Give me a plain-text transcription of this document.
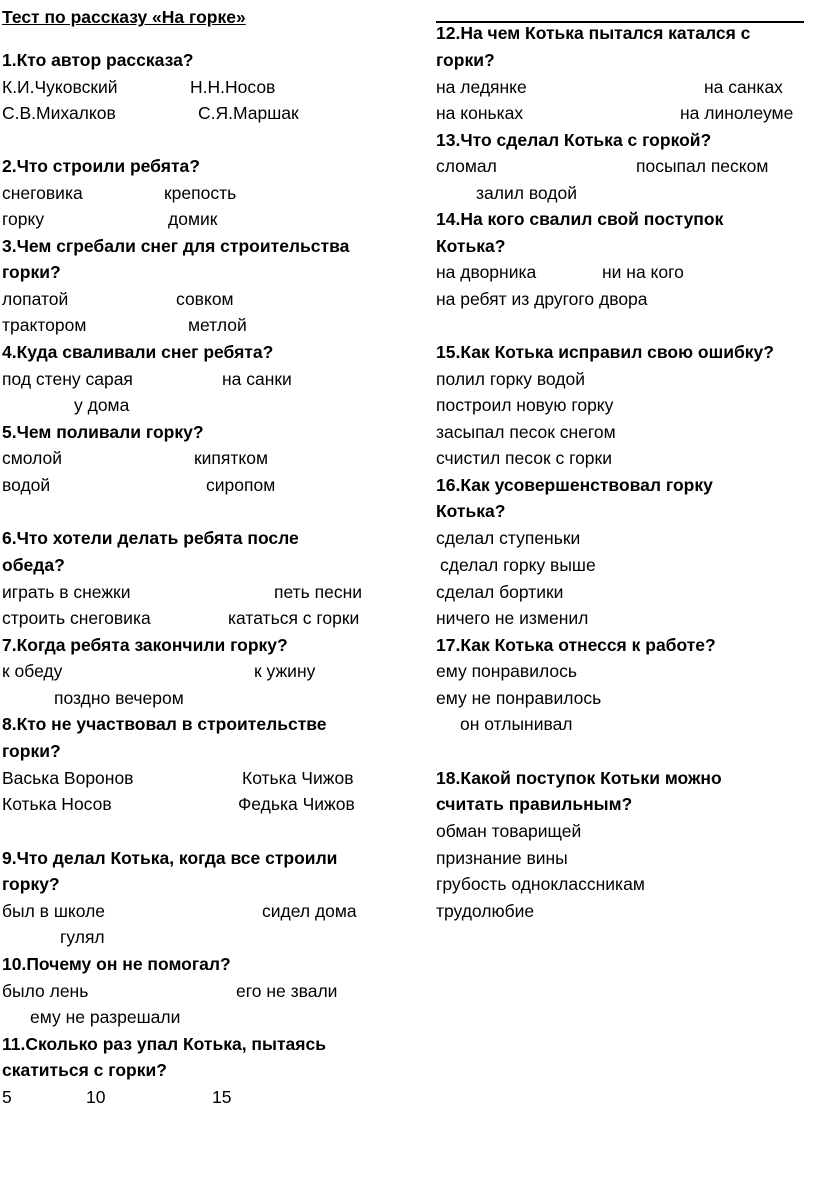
Тест по рассказу «На горке»
1.Кто автор рассказа?
К.И.Чуковский	Н.Н.Носов
С.В.Михалков	С.Я.Маршак
2.Что строили ребята?
снеговика	крепость
горку	домик
3.Чем сгребали снег для строительства
горки?
лопатой	совком
трактором	метлой
4.Куда сваливали снег ребята?
под стену сарая	на санки
у дома
5.Чем поливали горку?
смолой	кипятком
водой	сиропом
6.Что хотели делать ребята после
обеда?
играть в снежки	петь песни
строить снеговика	кататься с горки
7.Когда ребята закончили горку?
к обеду	к ужину
поздно вечером
8.Кто не участвовал в строительстве
горки?
Васька Воронов	Котька Чижов
Котька Носов	Федька Чижов
9.Что делал Котька, когда все строили
горку?
был в школе	сидел дома
гулял
10.Почему он не помогал?
было лень	его не звали
ему не разрешали
11.Сколько раз упал Котька, пытаясь
скатиться с горки?
5	10	15
12.На чем Котька пытался катался с
горки?
на ледянке	на санках
на коньках	на линолеуме
13.Что сделал Котька с горкой?
сломал	посыпал песком
залил водой
14.На кого свалил свой поступок
Котька?
на дворника	ни на кого
на ребят из другого двора
15.Как Котька исправил свою ошибку?
полил горку водой
построил новую горку
засыпал песок снегом
счистил песок с горки
16.Как усовершенствовал горку
Котька?
сделал ступеньки
сделал горку выше
сделал бортики
ничего не изменил
17.Как Котька отнесся к работе?
ему понравилось
ему не понравилось
он отлынивал
18.Какой поступок Котьки можно
считать правильным?
обман товарищей
признание вины
грубость одноклассникам
трудолюбие
